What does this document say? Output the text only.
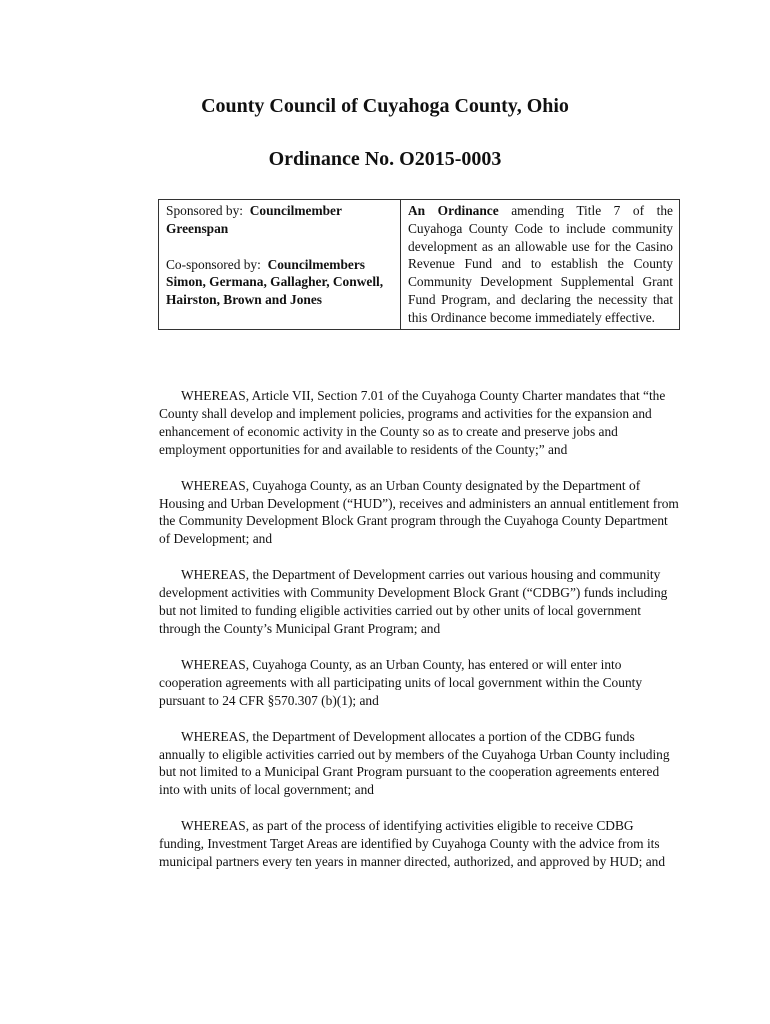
County Council of Cuyahoga County, Ohio
Ordinance No. O2015-0003
Sponsored by: Councilmember Greenspan
Co-sponsored by: Councilmembers Simon, Germana, Gallagher, Conwell, Hairston, Brown and Jones
	An Ordinance amending Title 7 of the Cuyahoga County Code to include community development as an allowable use for the Casino Revenue Fund and to establish the County Community Development Supplemental Grant Fund Program, and declaring the necessity that this Ordinance become immediately effective.

WHEREAS, Article VII, Section 7.01 of the Cuyahoga County Charter mandates that “the County shall develop and implement policies, programs and activities for the expansion and enhancement of economic activity in the County so as to create and preserve jobs and employment opportunities for and available to residents of the County;” and

WHEREAS, Cuyahoga County, as an Urban County designated by the Department of Housing and Urban Development (“HUD”), receives and administers an annual entitlement from the Community Development Block Grant program through the Cuyahoga County Department of Development; and

WHEREAS, the Department of Development carries out various housing and community development activities with Community Development Block Grant (“CDBG”) funds including but not limited to funding eligible activities carried out by other units of local government through the County’s Municipal Grant Program; and

WHEREAS, Cuyahoga County, as an Urban County, has entered or will enter into cooperation agreements with all participating units of local government within the County pursuant to 24 CFR §570.307 (b)(1); and

WHEREAS, the Department of Development allocates a portion of the CDBG funds annually to eligible activities carried out by members of the Cuyahoga Urban County including but not limited to a Municipal Grant Program pursuant to the cooperation agreements entered into with units of local government; and

WHEREAS, as part of the process of identifying activities eligible to receive CDBG funding, Investment Target Areas are identified by Cuyahoga County with the advice from its municipal partners every ten years in manner directed, authorized, and approved by HUD; and
